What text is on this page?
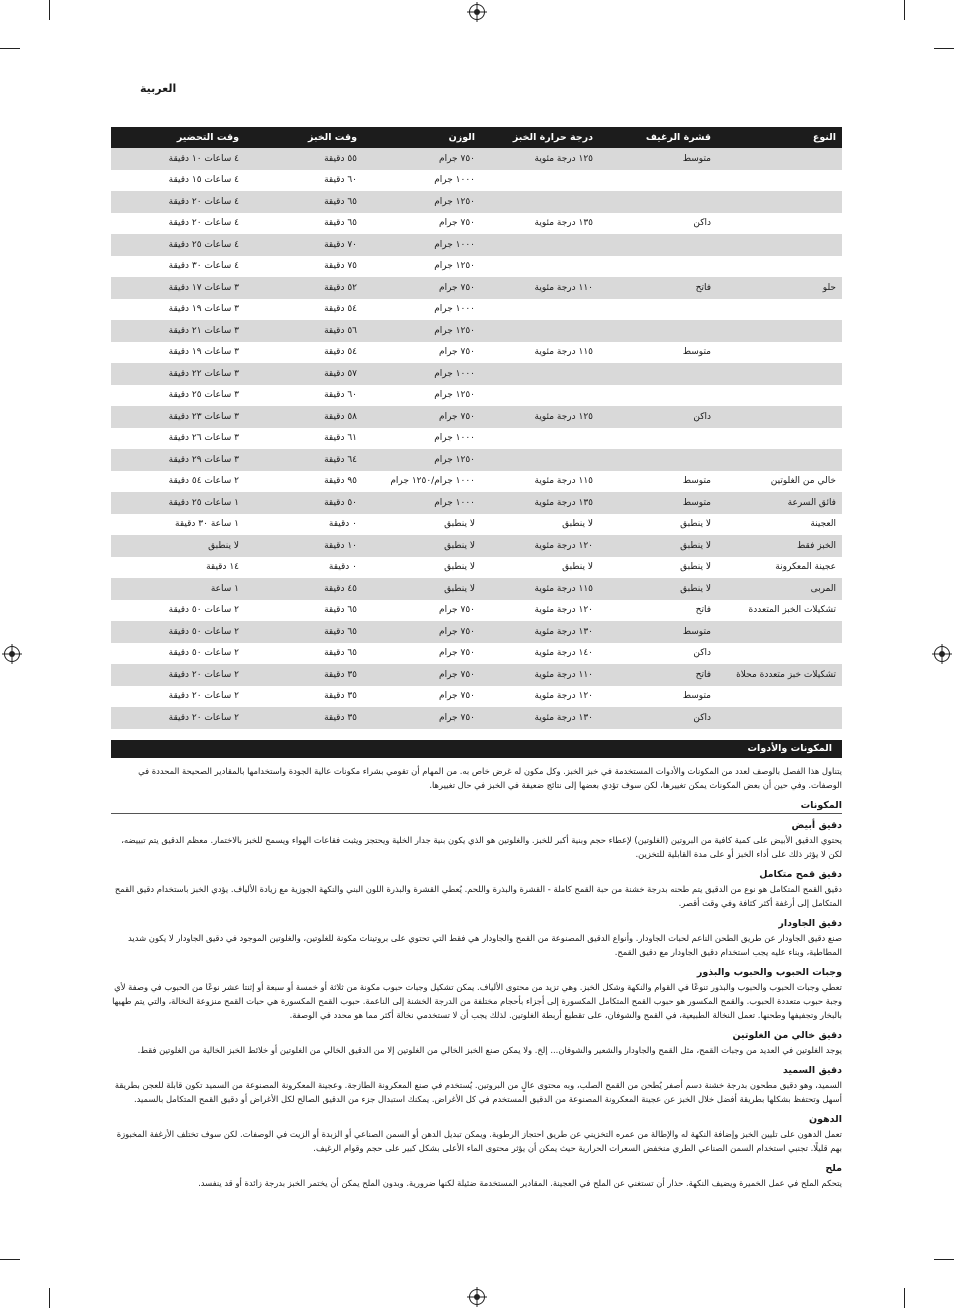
العربية
النوع	قشرة الرغيف	درجة حرارة الخبز	الوزن	وقت الخبز	وقت التحضير
	متوسط	١٢٥ درجة مئوية	٧٥٠ جرام	٥٥ دقيقة	٤ ساعات ١٠ دقيقة
			١٠٠٠ جرام	٦٠ دقيقة	٤ ساعات ١٥ دقيقة
			١٢٥٠ جرام	٦٥ دقيقة	٤ ساعات ٢٠ دقيقة
	داكن	١٣٥ درجة مئوية	٧٥٠ جرام	٦٥ دقيقة	٤ ساعات ٢٠ دقيقة
			١٠٠٠ جرام	٧٠ دقيقة	٤ ساعات ٢٥ دقيقة
			١٢٥٠ جرام	٧٥ دقيقة	٤ ساعات ٣٠ دقيقة
حلو	فاتح	١١٠ درجة مئوية	٧٥٠ جرام	٥٢ دقيقة	٣ ساعات ١٧ دقيقة
			١٠٠٠ جرام	٥٤ دقيقة	٣ ساعات ١٩ دقيقة
			١٢٥٠ جرام	٥٦ دقيقة	٣ ساعات ٢١ دقيقة
	متوسط	١١٥ درجة مئوية	٧٥٠ جرام	٥٤ دقيقة	٣ ساعات ١٩ دقيقة
			١٠٠٠ جرام	٥٧ دقيقة	٣ ساعات ٢٢ دقيقة
			١٢٥٠ جرام	٦٠ دقيقة	٣ ساعات ٢٥ دقيقة
	داكن	١٢٥ درجة مئوية	٧٥٠ جرام	٥٨ دقيقة	٣ ساعات ٢٣ دقيقة
			١٠٠٠ جرام	٦١ دقيقة	٣ ساعات ٢٦ دقيقة
			١٢٥٠ جرام	٦٤ دقيقة	٣ ساعات ٢٩ دقيقة
خالي من الغلوتين	متوسط	١١٥ درجة مئوية	١٠٠٠ جرام/١٢٥٠ جرام	٩٥ دقيقة	٢ ساعات ٥٤ دقيقة
فائق السرعة	متوسط	١٣٥ درجة مئوية	١٠٠٠ جرام	٥٠ دقيقة	١ ساعات ٢٥ دقيقة
العجينة	لا ينطبق	لا ينطبق	لا ينطبق	٠ دقيقة	١ ساعة ٣٠ دقيقة
الخبز فقط	لا ينطبق	١٢٠ درجة مئوية	لا ينطبق	١٠ دقيقة	لا ينطبق
عجينة المعكرونة	لا ينطبق	لا ينطبق	لا ينطبق	٠ دقيقة	١٤ دقيقة
المربى	لا ينطبق	١١٥ درجة مئوية	لا ينطبق	٤٥ دقيقة	١ ساعة
تشكيلات الخبز المتعددة	فاتح	١٢٠ درجة مئوية	٧٥٠ جرام	٦٥ دقيقة	٢ ساعات ٥٠ دقيقة
	متوسط	١٣٠ درجة مئوية	٧٥٠ جرام	٦٥ دقيقة	٢ ساعات ٥٠ دقيقة
	داكن	١٤٠ درجة مئوية	٧٥٠ جرام	٦٥ دقيقة	٢ ساعات ٥٠ دقيقة
تشكيلات خبز متعددة محلاة	فاتح	١١٠ درجة مئوية	٧٥٠ جرام	٣٥ دقيقة	٢ ساعات ٢٠ دقيقة
	متوسط	١٢٠ درجة مئوية	٧٥٠ جرام	٣٥ دقيقة	٢ ساعات ٢٠ دقيقة
	داكن	١٣٠ درجة مئوية	٧٥٠ جرام	٣٥ دقيقة	٢ ساعات ٢٠ دقيقة
المكونات والأدوات

يتناول هذا الفصل بالوصف لعدد من المكونات والأدوات المستخدمة في خبز الخبز. وكل مكون له غرض خاص به. من المهام أن تقومي بشراء مكونات عالية الجودة واستخدامها بالمقادير الصحيحة المحددة في الوصفات. وفي حين أن بعض المكونات يمكن تغييرها، لكن سوف تؤدي بعضها إلى نتائج ضعيفة في الخبز في حال تغييرها.

المكونات

دقيق أبيض

يحتوي الدقيق الأبيض على كمية كافية من البروتين (الغلوتين) لإعطاء حجم وبنية أكبر للخبز. والغلوتين هو الذي يكون بنية جدار الخلية ويحتجز ويثبت فقاعات الهواء ويسمح للخبز بالاختمار. معظم الدقيق يتم تبييضه، لكن لا يؤثر ذلك على أداء الخبز أو على مدة القابلية للتخزين.

دقيق قمح متكامل

دقيق القمح المتكامل هو نوع من الدقيق يتم طحنه بدرجة خشنة من حبة القمح كاملة - القشرة والبذرة واللحم. يُعطي القشرة والبذرة اللون البني والنكهة الجوزية مع زيادة الألياف. يؤدي الخبز باستخدام دقيق القمح المتكامل إلى أرغفة أكثر كثافة وفي وقت أقصر.

دقيق الجاودار

صنع دقيق الجاودار عن طريق الطحن الناعم لحبات الجاودار. وأنواع الدقيق المصنوعة من القمح والجاودار هي فقط التي تحتوي على بروتينات مكونة للغلوتين، والغلوتين الموجود في دقيق الجاودار لا يكون شديد المطاطية، وبناء عليه يجب استخدام دقيق الجاودار مع دقيق القمح.

وجبات الحبوب والحبوب والبذور

تعطي وجبات الحبوب والحبوب والبذور تنوعًا في القوام والنكهة وشكل الخبز. وهي تزيد من محتوى الألياف. يمكن تشكيل وجبات حبوب مكونة من ثلاثة أو خمسة أو سبعة أو إثنتا عشر نوعًا من الحبوب في وصفة لأي وجبة حبوب متعددة الحبوب. والقمح المكسور هو حبوب القمح المتكامل المكسورة إلى أجزاء بأحجام مختلفة من الدرجة الخشنة إلى الناعمة. حبوب القمح المكسورة هي حبات القمح منزوعة النخالة، والتي يتم طهيها بالبخار وتجفيفها وطحنها. تعمل النخالة الطبيعية، في القمح والشوفان، على تقطيع أربطة الغلوتين. لذلك يجب أن لا تستخدمي نخالة أكثر مما هو محدد في الوصفة.

دقيق خالي من الغلوتين

يوجد الغلوتين في العديد من وجبات القمح، مثل القمح والجاودار والشعير والشوفان... إلخ. ولا يمكن صنع الخبز الخالي من الغلوتين إلا من الدقيق الخالي من الغلوتين أو خلائط الخبز الخالية من الغلوتين فقط.

دقيق السميد

السميد، وهو دقيق مطحون بدرجة خشنة دسم أصفر يُطحن من القمح الصلب، وبه محتوى عالٍ من البروتين. يُستخدم في صنع المعكرونة الطازجة. وعجينة المعكرونة المصنوعة من السميد تكون قابلة للعجن بطريقة أسهل وتحتفظ بشكلها بطريقة أفضل خلال الخبز عن عجينة المعكرونة المصنوعة من الدقيق المستخدم في كل الأغراض. يمكنك استبدال جزء من الدقيق الصالح لكل الأغراض أو دقيق القمح المتكامل بالسميد.

الدهون

تعمل الدهون على تليين الخبز وإضافة النكهة له والإطالة من عمره التخزيني عن طريق احتجاز الرطوبة. ويمكن تبديل الدهن أو السمن الصناعي أو الزبدة أو الزيت في الوصفات. لكن سوف تختلف الأرغفة المخبوزة بهم قليلًا. تجنبي استخدام السمن الصناعي الطري منخفض السعرات الحرارية حيث يمكن أن يؤثر محتوى الماء الأعلى بشكل كبير على حجم وقوام الرغيف.

ملح

يتحكم الملح في عمل الخميرة ويضيف النكهة. حذار أن تستغني عن الملح في العجينة. المقادير المستخدمة ضئيلة لكنها ضرورية. وبدون الملح يمكن أن يختمر الخبز بدرجة زائدة أو قد ينفسد.
